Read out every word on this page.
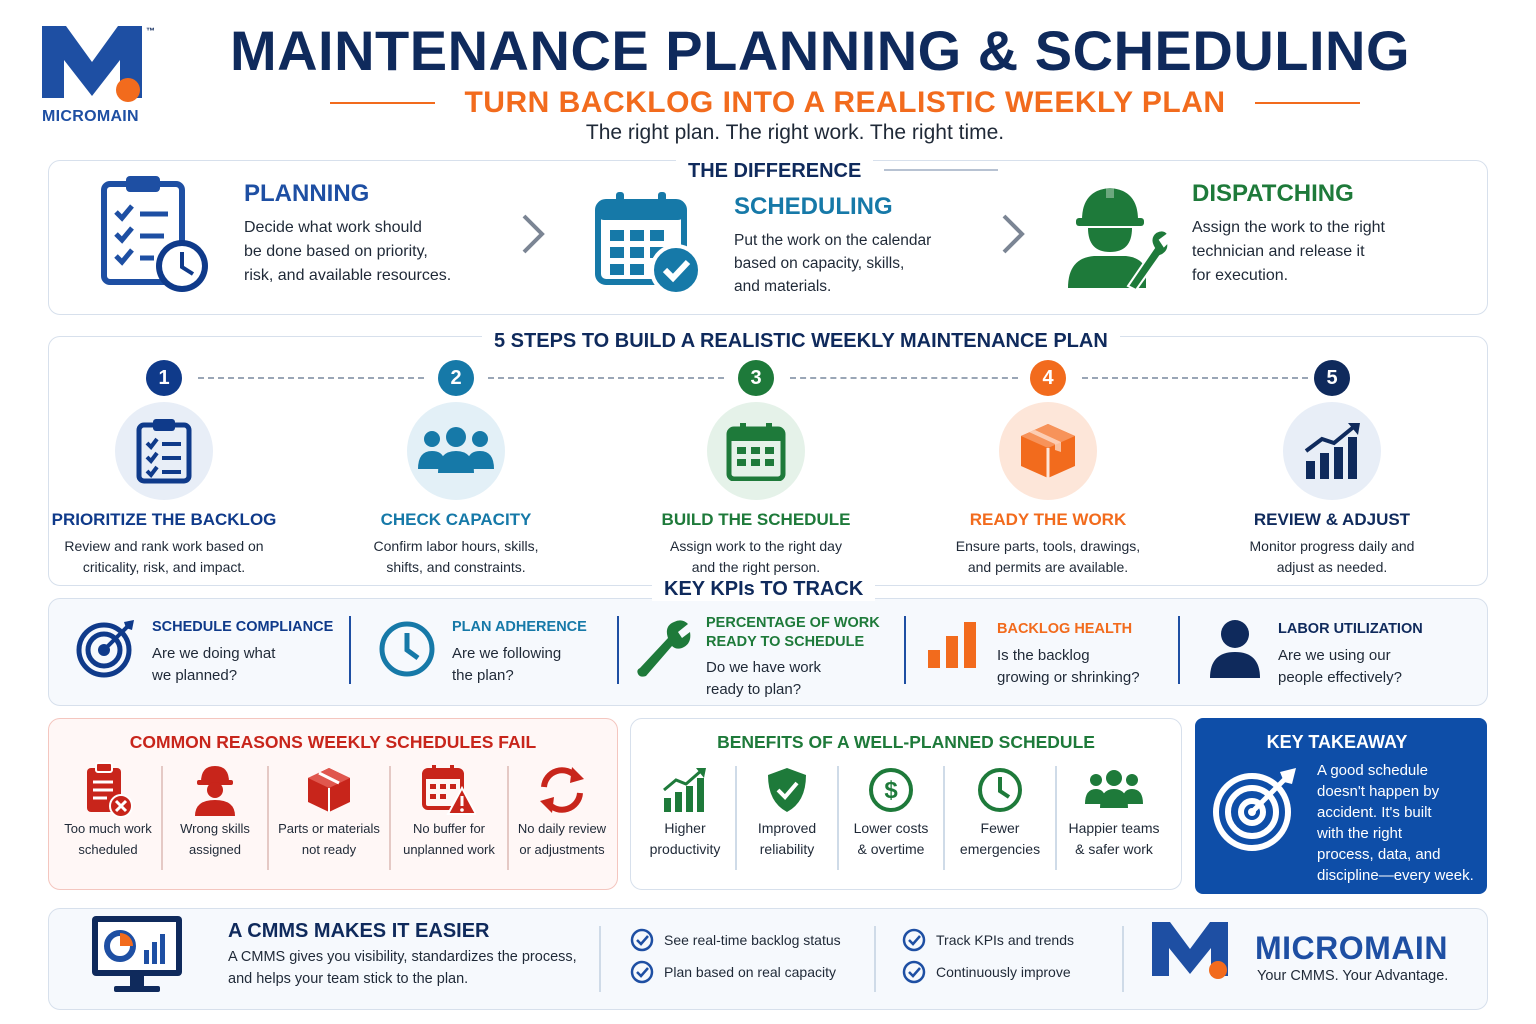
™
MICROMAIN
MAINTENANCE PLANNING & SCHEDULING
TURN BACKLOG INTO A REALISTIC WEEKLY PLAN
The right plan. The right work. The right time.
THE DIFFERENCE
PLANNING
Decide what work should
be done based on priority,
risk, and available resources.
SCHEDULING
Put the work on the calendar
based on capacity, skills,
and materials.
DISPATCHING
Assign the work to the right
technician and release it
for execution.
5 STEPS TO BUILD A REALISTIC WEEKLY MAINTENANCE PLAN
1
PRIORITIZE THE BACKLOG
Review and rank work based on
criticality, risk, and impact.
2
CHECK CAPACITY
Confirm labor hours, skills,
shifts, and constraints.
3
BUILD THE SCHEDULE
Assign work to the right day
and the right person.
4
READY THE WORK
Ensure parts, tools, drawings,
and permits are available.
5
REVIEW & ADJUST
Monitor progress daily and
adjust as needed.
KEY KPIs TO TRACK
SCHEDULE COMPLIANCE
Are we doing what
we planned?
PLAN ADHERENCE
Are we following
the plan?
PERCENTAGE OF WORK
READY TO SCHEDULE
Do we have work
ready to plan?
BACKLOG HEALTH
Is the backlog
growing or shrinking?
LABOR UTILIZATION
Are we using our
people effectively?
COMMON REASONS WEEKLY SCHEDULES FAIL
Too much work
scheduled
Wrong skills
assigned
Parts or materials
not ready
No buffer for
unplanned work
No daily review
or adjustments
BENEFITS OF A WELL-PLANNED SCHEDULE
Higher
productivity
Improved
reliability
$
Lower costs
& overtime
Fewer
emergencies
Happier teams
& safer work
KEY TAKEAWAY
A good schedule
doesn't happen by
accident. It's built
with the right
process, data, and
discipline—every week.
A CMMS MAKES IT EASIER
A CMMS gives you visibility, standardizes the process,
and helps your team stick to the plan.
See real-time backlog status
Plan based on real capacity
Track KPIs and trends
Continuously improve
MICROMAIN
Your CMMS. Your Advantage.
